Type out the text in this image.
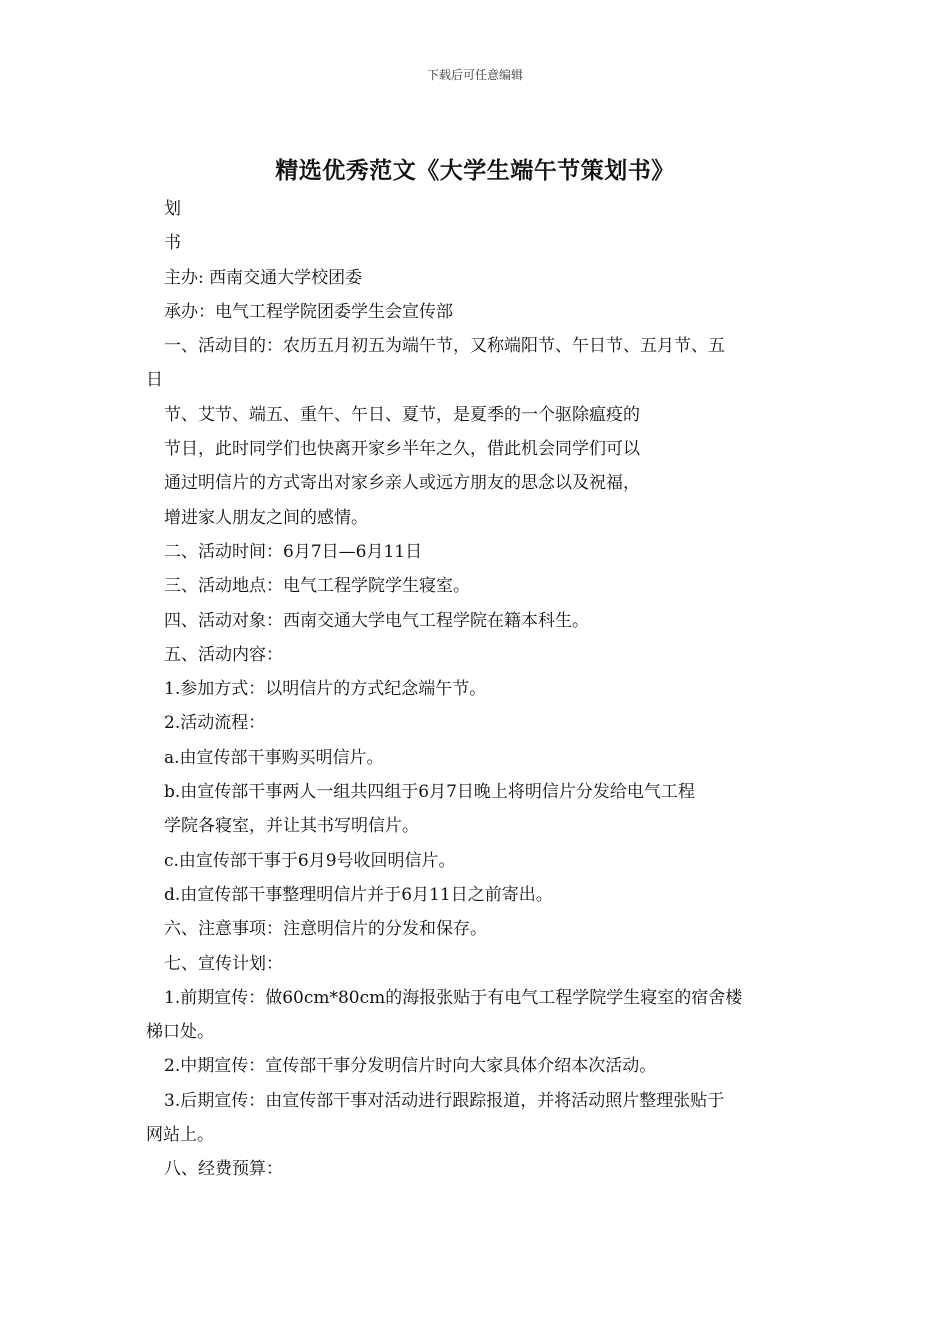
下载后可任意编辑
精选优秀范文《大学生端午节策划书》
划
书
主办: 西南交通大学校团委
承办：电气工程学院团委学生会宣传部
一、活动目的：农历五月初五为端午节，又称端阳节、午日节、五月节、五
日
节、艾节、端五、重午、午日、夏节，是夏季的一个驱除瘟疫的
节日，此时同学们也快离开家乡半年之久，借此机会同学们可以
通过明信片的方式寄出对家乡亲人或远方朋友的思念以及祝福，
增进家人朋友之间的感情。
二、活动时间：6月7日—6月11日
三、活动地点：电气工程学院学生寝室。
四、活动对象：西南交通大学电气工程学院在籍本科生。
五、活动内容：
1.参加方式：以明信片的方式纪念端午节。
2.活动流程：
a.由宣传部干事购买明信片。
b.由宣传部干事两人一组共四组于6月7日晚上将明信片分发给电气工程
学院各寝室，并让其书写明信片。
c.由宣传部干事于6月9号收回明信片。
d.由宣传部干事整理明信片并于6月11日之前寄出。
六、注意事项：注意明信片的分发和保存。
七、宣传计划：
1.前期宣传：做60cm*80cm的海报张贴于有电气工程学院学生寝室的宿舍楼
梯口处。
2.中期宣传：宣传部干事分发明信片时向大家具体介绍本次活动。
3.后期宣传：由宣传部干事对活动进行跟踪报道，并将活动照片整理张贴于
网站上。
八、经费预算：
